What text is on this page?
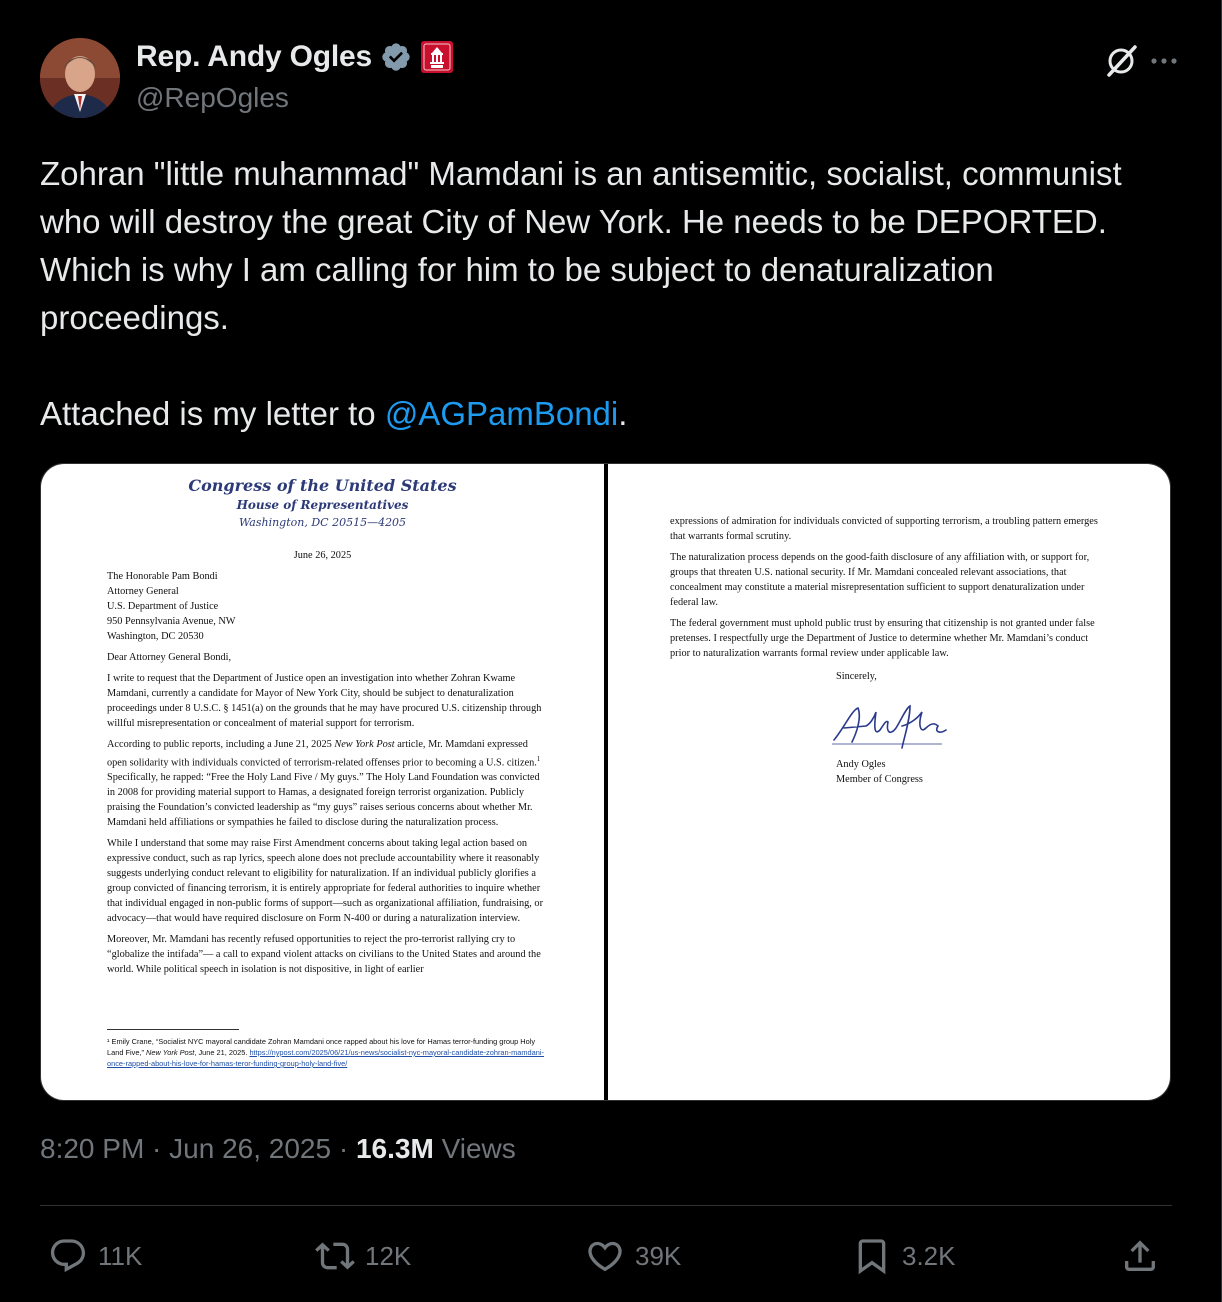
Rep. Andy Ogles
@RepOgles

Zohran "little muhammad" Mamdani is an antisemitic, socialist, communist who will destroy the great City of New York. He needs to be DEPORTED. Which is why I am calling for him to be subject to denaturalization proceedings.

Attached is my letter to @AGPamBondi.

Congress of the United States
House of Representatives
Washington, DC 20515—4205
June 26, 2025

The Honorable Pam Bondi

Attorney General

U.S. Department of Justice

950 Pennsylvania Avenue, NW

Washington, DC 20530

Dear Attorney General Bondi,

I write to request that the Department of Justice open an investigation into whether Zohran Kwame Mamdani, currently a candidate for Mayor of New York City, should be subject to denaturalization proceedings under 8 U.S.C. § 1451(a) on the grounds that he may have procured U.S. citizenship through willful misrepresentation or concealment of material support for terrorism.

According to public reports, including a June 21, 2025 New York Post article, Mr. Mamdani expressed open solidarity with individuals convicted of terrorism-related offenses prior to becoming a U.S. citizen.$^1$ Specifically, he rapped: “Free the Holy Land Five / My guys.” The Holy Land Foundation was convicted in 2008 for providing material support to Hamas, a designated foreign terrorist organization. Publicly praising the Foundation’s convicted leadership as “my guys” raises serious concerns about whether Mr. Mamdani held affiliations or sympathies he failed to disclose during the naturalization process.

While I understand that some may raise First Amendment concerns about taking legal action based on expressive conduct, such as rap lyrics, speech alone does not preclude accountability where it reasonably suggests underlying conduct relevant to eligibility for naturalization. If an individual publicly glorifies a group convicted of financing terrorism, it is entirely appropriate for federal authorities to inquire whether that individual engaged in non-public forms of support—such as organizational affiliation, fundraising, or advocacy—that would have required disclosure on Form N-400 or during a naturalization interview.

Moreover, Mr. Mamdani has recently refused opportunities to reject the pro-terrorist rallying cry to “globalize the intifada”— a call to expand violent attacks on civilians to the United States and around the world. While political speech in isolation is not dispositive, in light of earlier

¹ Emily Crane, “Socialist NYC mayoral candidate Zohran Mamdani once rapped about his love for Hamas terror-funding group Holy Land Five,” New York Post, June 21, 2025. https://nypost.com/2025/06/21/us-news/socialist-nyc-mayoral-candidate-zohran-mamdani-once-rapped-about-his-love-for-hamas-teror-funding-group-holy-land-five/

expressions of admiration for individuals convicted of supporting terrorism, a troubling pattern emerges that warrants formal scrutiny.

The naturalization process depends on the good-faith disclosure of any affiliation with, or support for, groups that threaten U.S. national security. If Mr. Mamdani concealed relevant associations, that concealment may constitute a material misrepresentation sufficient to support denaturalization under federal law.

The federal government must uphold public trust by ensuring that citizenship is not granted under false pretenses. I respectfully urge the Department of Justice to determine whether Mr. Mamdani’s conduct prior to naturalization warrants formal review under applicable law.

Sincerely,

Andy Ogles

Member of Congress

8:20 PM · Jun 26, 2025 · 16.3M Views
11K	12K	39K	3.2K
